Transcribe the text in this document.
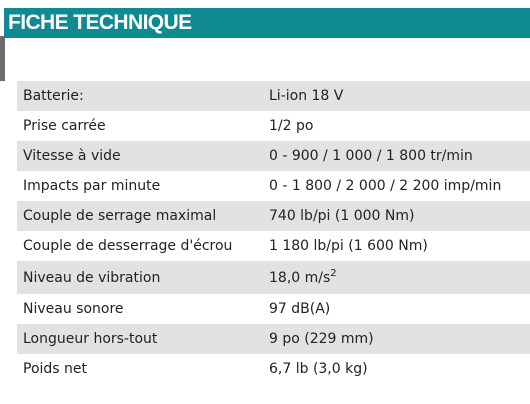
FICHE TECHNIQUE
Batterie:	Li-ion 18 V
Prise carrée	1/2 po
Vitesse à vide	0 - 900 / 1 000 / 1 800 tr/min
Impacts par minute	0 - 1 800 / 2 000 / 2 200 imp/min
Couple de serrage maximal	740 lb/pi (1 000 Nm)
Couple de desserrage d'écrou	1 180 lb/pi (1 600 Nm)
Niveau de vibration	18,0 $m/s^2$
Niveau sonore	97 dB(A)
Longueur hors-tout	9 po (229 mm)
Poids net	6,7 lb (3,0 kg)
